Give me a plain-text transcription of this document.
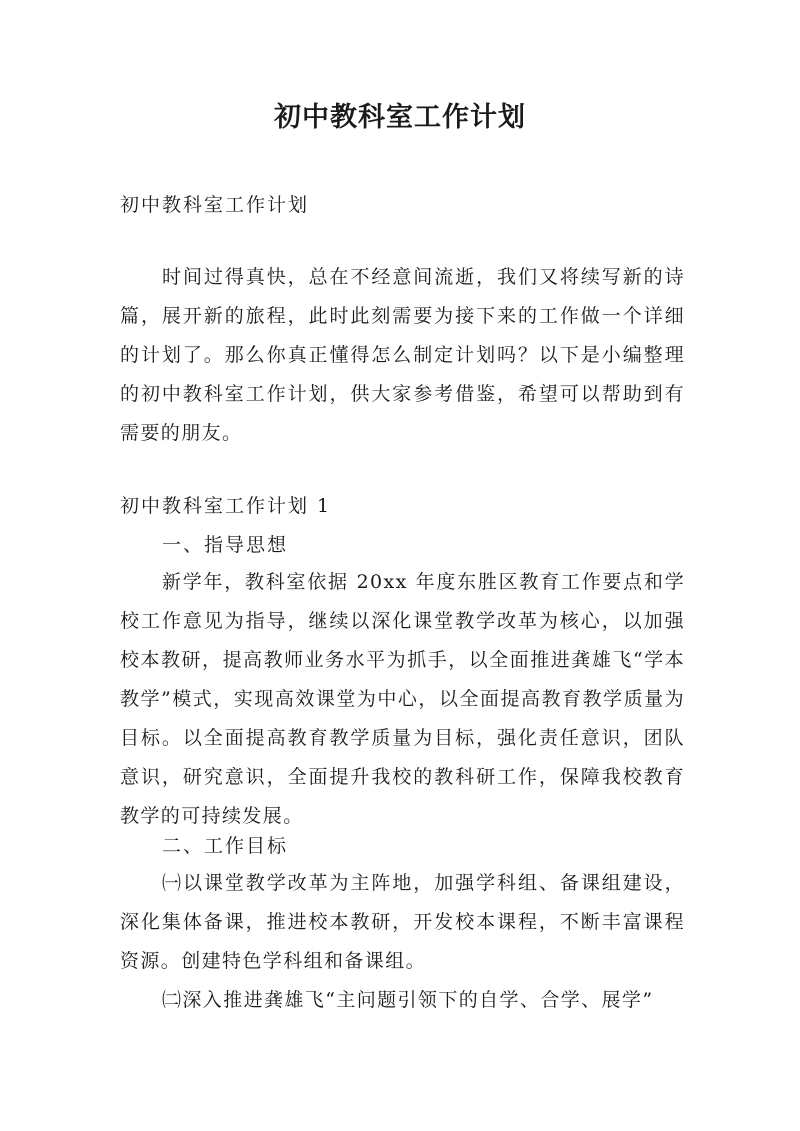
初中教科室工作计划
初中教科室工作计划

时间过得真快，总在不经意间流逝，我们又将续写新的诗篇，展开新的旅程，此时此刻需要为接下来的工作做一个详细的计划了。那么你真正懂得怎么制定计划吗？以下是小编整理的初中教科室工作计划，供大家参考借鉴，希望可以帮助到有需要的朋友。

初中教科室工作计划 1
一、指导思想

新学年，教科室依据 20xx 年度东胜区教育工作要点和学校工作意见为指导，继续以深化课堂教学改革为核心，以加强校本教研，提高教师业务水平为抓手，以全面推进龚雄飞“学本教学”模式，实现高效课堂为中心，以全面提高教育教学质量为目标。以全面提高教育教学质量为目标，强化责任意识，团队意识，研究意识，全面提升我校的教科研工作，保障我校教育教学的可持续发展。

二、工作目标

㈠以课堂教学改革为主阵地，加强学科组、备课组建设，深化集体备课，推进校本教研，开发校本课程，不断丰富课程资源。创建特色学科组和备课组。

㈡深入推进龚雄飞“主问题引领下的自学、合学、展学”
